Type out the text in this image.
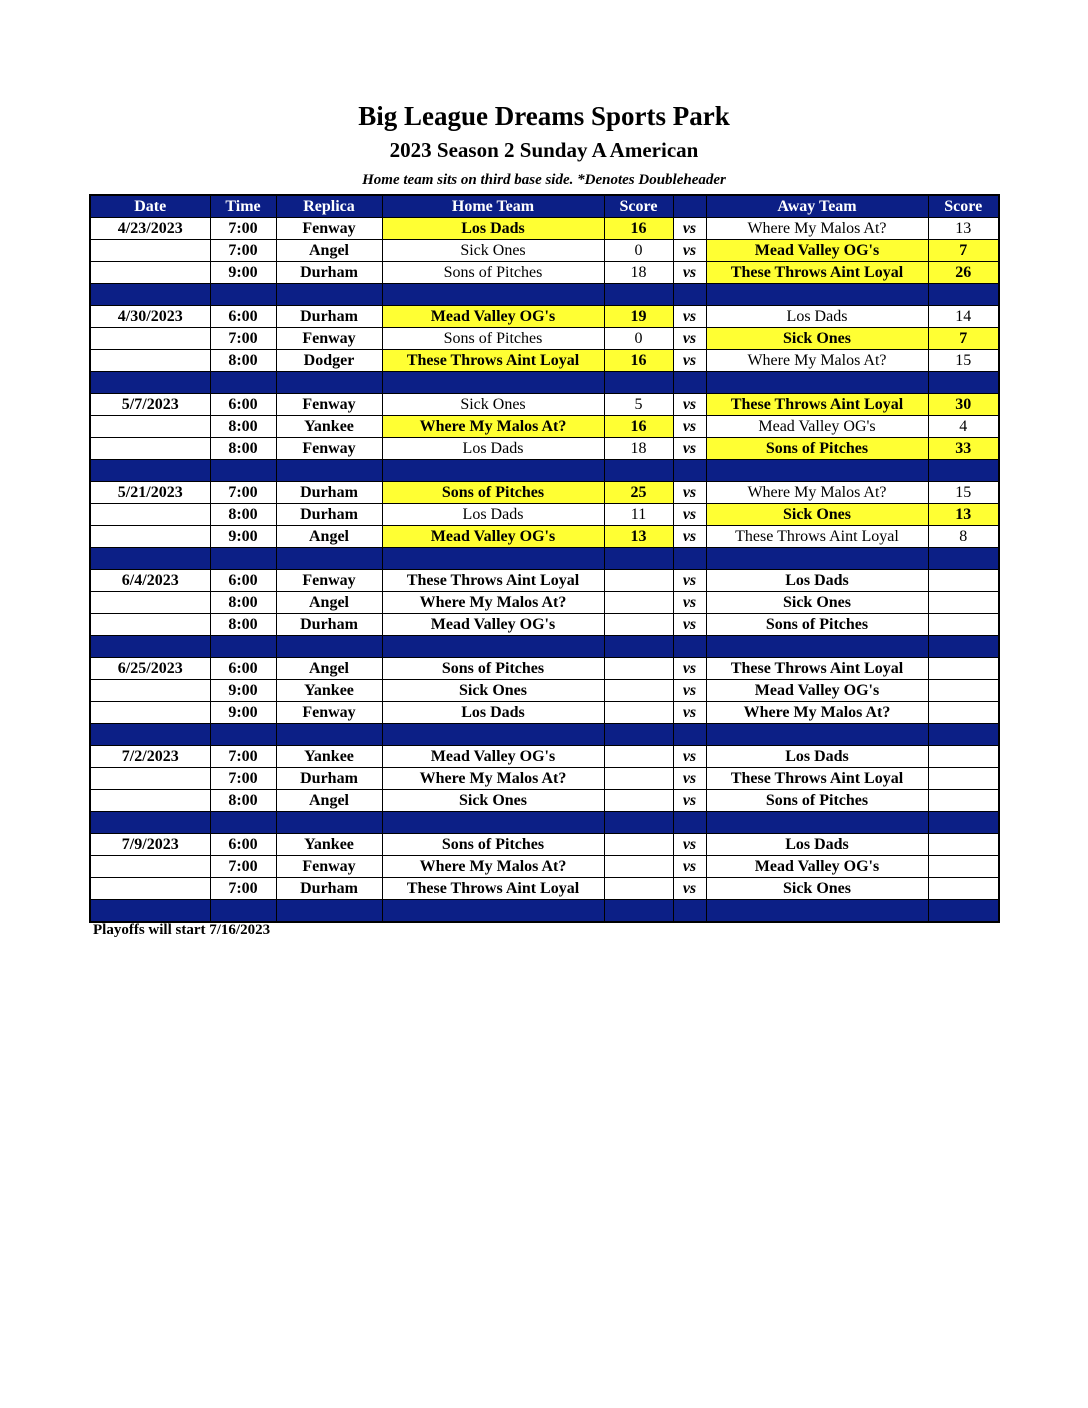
Big League Dreams Sports Park
2023 Season 2 Sunday A American
Home team sits on third base side. *Denotes Doubleheader
Date	Time	Replica	Home Team	Score		Away Team	Score
4/23/2023	7:00	Fenway	Los Dads	16	vs	Where My Malos At?	13
	7:00	Angel	Sick Ones	0	vs	Mead Valley OG's	7
	9:00	Durham	Sons of Pitches	18	vs	These Throws Aint Loyal	26

4/30/2023	6:00	Durham	Mead Valley OG's	19	vs	Los Dads	14
	7:00	Fenway	Sons of Pitches	0	vs	Sick Ones	7
	8:00	Dodger	These Throws Aint Loyal	16	vs	Where My Malos At?	15

5/7/2023	6:00	Fenway	Sick Ones	5	vs	These Throws Aint Loyal	30
	8:00	Yankee	Where My Malos At?	16	vs	Mead Valley OG's	4
	8:00	Fenway	Los Dads	18	vs	Sons of Pitches	33

5/21/2023	7:00	Durham	Sons of Pitches	25	vs	Where My Malos At?	15
	8:00	Durham	Los Dads	11	vs	Sick Ones	13
	9:00	Angel	Mead Valley OG's	13	vs	These Throws Aint Loyal	8

6/4/2023	6:00	Fenway	These Throws Aint Loyal		vs	Los Dads	
	8:00	Angel	Where My Malos At?		vs	Sick Ones	
	8:00	Durham	Mead Valley OG's		vs	Sons of Pitches	

6/25/2023	6:00	Angel	Sons of Pitches		vs	These Throws Aint Loyal	
	9:00	Yankee	Sick Ones		vs	Mead Valley OG's	
	9:00	Fenway	Los Dads		vs	Where My Malos At?	

7/2/2023	7:00	Yankee	Mead Valley OG's		vs	Los Dads	
	7:00	Durham	Where My Malos At?		vs	These Throws Aint Loyal	
	8:00	Angel	Sick Ones		vs	Sons of Pitches	

7/9/2023	6:00	Yankee	Sons of Pitches		vs	Los Dads	
	7:00	Fenway	Where My Malos At?		vs	Mead Valley OG's	
	7:00	Durham	These Throws Aint Loyal		vs	Sick Ones	

Playoffs will start 7/16/2023
